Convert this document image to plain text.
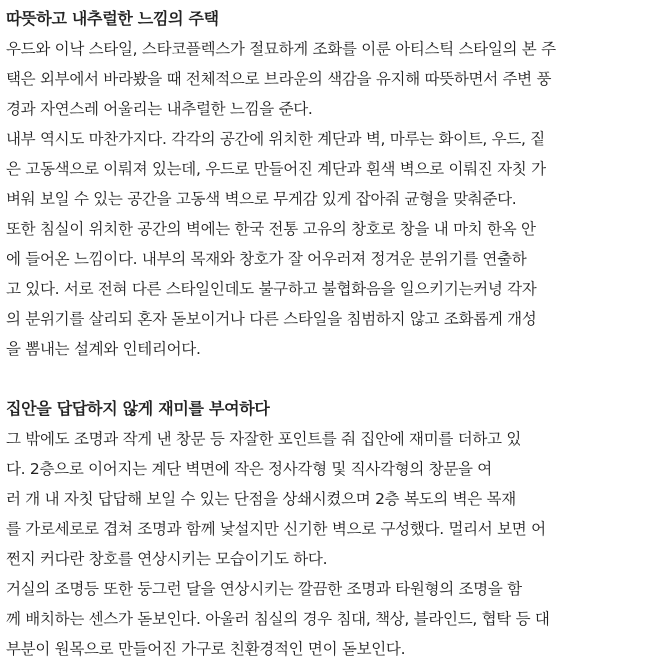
따뜻하고 내추럴한 느낌의 주택
우드와 이낙 스타일, 스타코플렉스가 절묘하게 조화를 이룬 아티스틱 스타일의 본 주
택은 외부에서 바라봤을 때 전체적으로 브라운의 색감을 유지해 따뜻하면서 주변 풍
경과 자연스레 어울리는 내추럴한 느낌을 준다.
내부 역시도 마찬가지다. 각각의 공간에 위치한 계단과 벽, 마루는 화이트, 우드, 짙
은 고동색으로 이뤄져 있는데, 우드로 만들어진 계단과 흰색 벽으로 이뤄진 자칫 가
벼워 보일 수 있는 공간을 고동색 벽으로 무게감 있게 잡아줘 균형을 맞춰준다.
또한 침실이 위치한 공간의 벽에는 한국 전통 고유의 창호로 창을 내 마치 한옥 안
에 들어온 느낌이다. 내부의 목재와 창호가 잘 어우러져 정겨운 분위기를 연출하
고 있다. 서로 전혀 다른 스타일인데도 불구하고 불협화음을 일으키기는커녕 각자
의 분위기를 살리되 혼자 돋보이거나 다른 스타일을 침범하지 않고 조화롭게 개성
을 뽐내는 설계와 인테리어다.
집안을 답답하지 않게 재미를 부여하다
그 밖에도 조명과 작게 낸 창문 등 자잘한 포인트를 줘 집안에 재미를 더하고 있
다. 2층으로 이어지는 계단 벽면에 작은 정사각형 및 직사각형의 창문을 여
러 개 내 자칫 답답해 보일 수 있는 단점을 상쇄시켰으며 2층 복도의 벽은 목재
를 가로세로로 겹쳐 조명과 함께 낯설지만 신기한 벽으로 구성했다. 멀리서 보면 어
쩐지 커다란 창호를 연상시키는 모습이기도 하다.
거실의 조명등 또한 둥그런 달을 연상시키는 깔끔한 조명과 타원형의 조명을 함
께 배치하는 센스가 돋보인다. 아울러 침실의 경우 침대, 책상, 블라인드, 협탁 등 대
부분이 원목으로 만들어진 가구로 친환경적인 면이 돋보인다.
